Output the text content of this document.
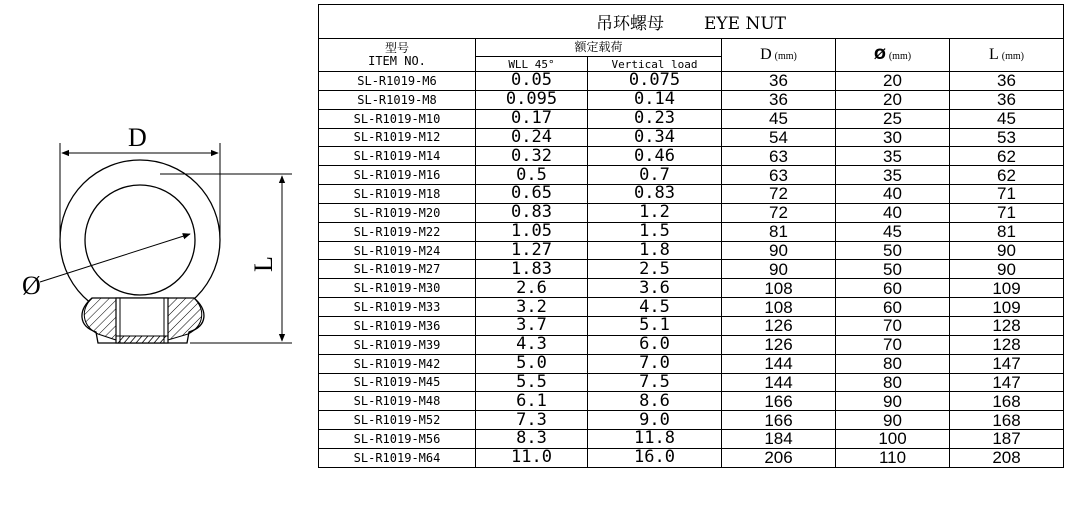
D
L
Ø
吊环螺母 EYE NUT					

型号
ITEM NO.	额定载荷		D (mm)	Ø (mm)	L (mm)
	WLL 45°	Vertical load			
SL-R1019-M6	0.05	0.075	36	20	36
SL-R1019-M8	0.095	0.14	36	20	36
SL-R1019-M10	0.17	0.23	45	25	45
SL-R1019-M12	0.24	0.34	54	30	53
SL-R1019-M14	0.32	0.46	63	35	62
SL-R1019-M16	0.5	0.7	63	35	62
SL-R1019-M18	0.65	0.83	72	40	71
SL-R1019-M20	0.83	1.2	72	40	71
SL-R1019-M22	1.05	1.5	81	45	81
SL-R1019-M24	1.27	1.8	90	50	90
SL-R1019-M27	1.83	2.5	90	50	90
SL-R1019-M30	2.6	3.6	108	60	109
SL-R1019-M33	3.2	4.5	108	60	109
SL-R1019-M36	3.7	5.1	126	70	128
SL-R1019-M39	4.3	6.0	126	70	128
SL-R1019-M42	5.0	7.0	144	80	147
SL-R1019-M45	5.5	7.5	144	80	147
SL-R1019-M48	6.1	8.6	166	90	168
SL-R1019-M52	7.3	9.0	166	90	168
SL-R1019-M56	8.3	11.8	184	100	187
SL-R1019-M64	11.0	16.0	206	110	208
